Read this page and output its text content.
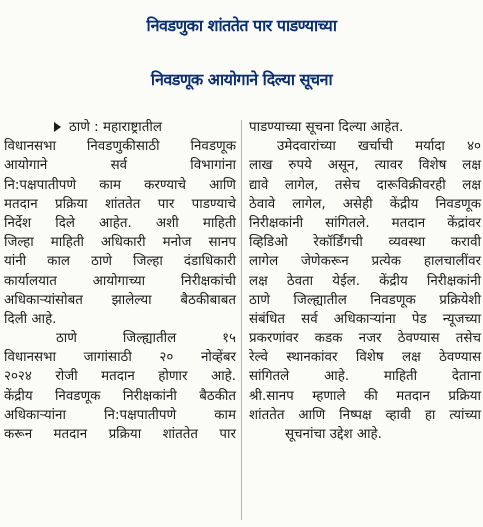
निवडणुका शांततेत पार पाडण्याच्या
निवडणूक आयोगाने दिल्या सूचना
ठाणे : महाराष्ट्रातील
विधानसभा निवडणुकीसाठी निवडणूक
आयोगाने सर्व विभागांना
नि:पक्षपातीपणे काम करण्याचे आणि
मतदान प्रक्रिया शांततेत पार पाडण्याचे
निर्देश दिले आहेत. अशी माहिती
जिल्हा माहिती अधिकारी मनोज सानप
यांनी काल ठाणे जिल्हा दंडाधिकारी
कार्यालयात आयोगाच्या निरीक्षकांची
अधिकाऱ्यांसोबत झालेल्या बैठकीबाबत
दिली आहे.
ठाणे जिल्ह्यातील १५
विधानसभा जागांसाठी २० नोव्हेंबर
२०२४ रोजी मतदान होणार आहे.
केंद्रीय निवडणूक निरीक्षकांनी बैठकीत
अधिकाऱ्यांना नि:पक्षपातीपणे काम
करून मतदान प्रक्रिया शांततेत पार
पाडण्याच्या सूचना दिल्या आहेत.
उमेदवारांच्या खर्चाची मर्यादा ४०
लाख रुपये असून, त्यावर विशेष लक्ष
द्यावे लागेल, तसेच दारूविक्रीवरही लक्ष
ठेवावे लागेल, असेही केंद्रीय निवडणूक
निरीक्षकांनी सांगितले. मतदान केंद्रांवर
व्हिडिओ रेकॉर्डिंगची व्यवस्था करावी
लागेल जेणेकरून प्रत्येक हालचालींवर
लक्ष ठेवता येईल. केंद्रीय निरीक्षकांनी
ठाणे जिल्ह्यातील निवडणूक प्रक्रियेशी
संबंधित सर्व अधिकाऱ्यांना पेड न्यूजच्या
प्रकरणांवर कडक नजर ठेवण्यास तसेच
रेल्वे स्थानकांवर विशेष लक्ष ठेवण्यास
सांगितले आहे. माहिती देताना
श्री.सानप म्हणाले की मतदान प्रक्रिया
शांततेत आणि निष्पक्ष व्हावी हा त्यांच्या
सूचनांचा उद्देश आहे.
